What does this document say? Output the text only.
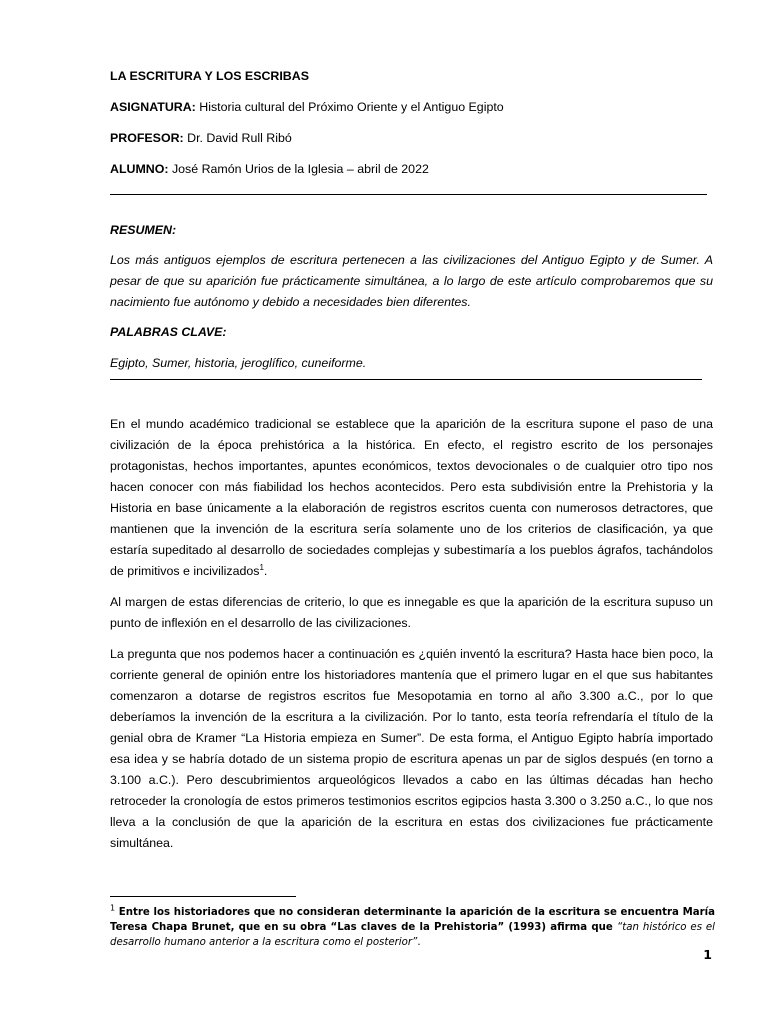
LA ESCRITURA Y LOS ESCRIBAS
ASIGNATURA: Historia cultural del Próximo Oriente y el Antiguo Egipto
PROFESOR: Dr. David Rull Ribó
ALUMNO: José Ramón Urios de la Iglesia – abril de 2022
RESUMEN:
Los más antiguos ejemplos de escritura pertenecen a las civilizaciones del Antiguo Egipto y de Sumer. A pesar de que su aparición fue prácticamente simultánea, a lo largo de este artículo comprobaremos que su nacimiento fue autónomo y debido a necesidades bien diferentes.
PALABRAS CLAVE:
Egipto, Sumer, historia, jeroglífico, cuneiforme.
En el mundo académico tradicional se establece que la aparición de la escritura supone el paso de una civilización de la época prehistórica a la histórica. En efecto, el registro escrito de los personajes protagonistas, hechos importantes, apuntes económicos, textos devocionales o de cualquier otro tipo nos hacen conocer con más fiabilidad los hechos acontecidos. Pero esta subdivisión entre la Prehistoria y la Historia en base únicamente a la elaboración de registros escritos cuenta con numerosos detractores, que mantienen que la invención de la escritura sería solamente uno de los criterios de clasificación, ya que estaría supeditado al desarrollo de sociedades complejas y subestimaría a los pueblos ágrafos, tachándolos de primitivos e incivilizados$^1$.
Al margen de estas diferencias de criterio, lo que es innegable es que la aparición de la escritura supuso un punto de inflexión en el desarrollo de las civilizaciones.
La pregunta que nos podemos hacer a continuación es ¿quién inventó la escritura? Hasta hace bien poco, la corriente general de opinión entre los historiadores mantenía que el primero lugar en el que sus habitantes comenzaron a dotarse de registros escritos fue Mesopotamia en torno al año 3.300 a.C., por lo que deberíamos la invención de la escritura a la civilización. Por lo tanto, esta teoría refrendaría el título de la genial obra de Kramer “La Historia empieza en Sumer”. De esta forma, el Antiguo Egipto habría importado esa idea y se habría dotado de un sistema propio de escritura apenas un par de siglos después (en torno a 3.100 a.C.). Pero descubrimientos arqueológicos llevados a cabo en las últimas décadas han hecho retroceder la cronología de estos primeros testimonios escritos egipcios hasta 3.300 o 3.250 a.C., lo que nos lleva a la conclusión de que la aparición de la escritura en estas dos civilizaciones fue prácticamente simultánea.
$^1$ Entre los historiadores que no consideran determinante la aparición de la escritura se encuentra María Teresa Chapa Brunet, que en su obra “Las claves de la Prehistoria” (1993) afirma que “tan histórico es el desarrollo humano anterior a la escritura como el posterior”.
1
